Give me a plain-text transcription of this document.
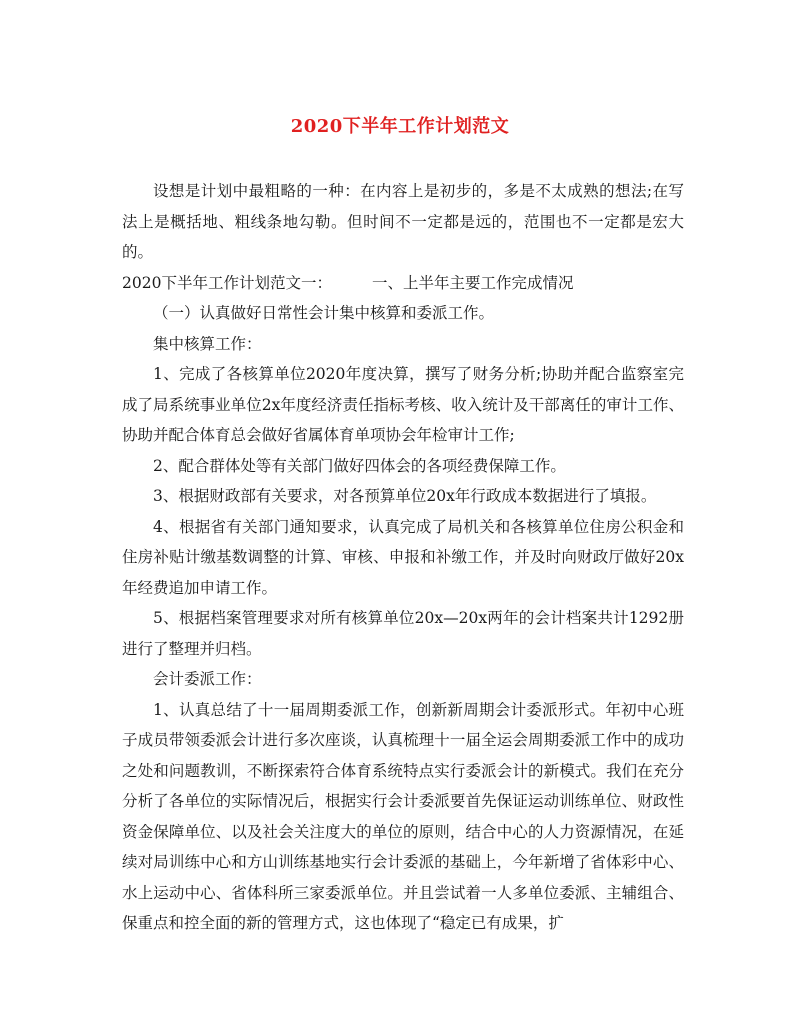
2020下半年工作计划范文

设想是计划中最粗略的一种：在内容上是初步的，多是不太成熟的想法;在写法上是概括地、粗线条地勾勒。但时间不一定都是远的，范围也不一定都是宏大的。

2020下半年工作计划范文一：	一、上半年主要工作完成情况

（一）认真做好日常性会计集中核算和委派工作。

集中核算工作：

1、完成了各核算单位2020年度决算，撰写了财务分析;协助并配合监察室完成了局系统事业单位2x年度经济责任指标考核、收入统计及干部离任的审计工作、协助并配合体育总会做好省属体育单项协会年检审计工作;

2、配合群体处等有关部门做好四体会的各项经费保障工作。

3、根据财政部有关要求，对各预算单位20x年行政成本数据进行了填报。

4、根据省有关部门通知要求，认真完成了局机关和各核算单位住房公积金和住房补贴计缴基数调整的计算、审核、申报和补缴工作，并及时向财政厅做好20x年经费追加申请工作。

5、根据档案管理要求对所有核算单位20x—20x两年的会计档案共计1292册进行了整理并归档。

会计委派工作：

1、认真总结了十一届周期委派工作，创新新周期会计委派形式。年初中心班子成员带领委派会计进行多次座谈，认真梳理十一届全运会周期委派工作中的成功之处和问题教训，不断探索符合体育系统特点实行委派会计的新模式。我们在充分分析了各单位的实际情况后，根据实行会计委派要首先保证运动训练单位、财政性资金保障单位、以及社会关注度大的单位的原则，结合中心的人力资源情况，在延续对局训练中心和方山训练基地实行会计委派的基础上，今年新增了省体彩中心、水上运动中心、省体科所三家委派单位。并且尝试着一人多单位委派、主辅组合、保重点和控全面的新的管理方式，这也体现了“稳定已有成果，扩
